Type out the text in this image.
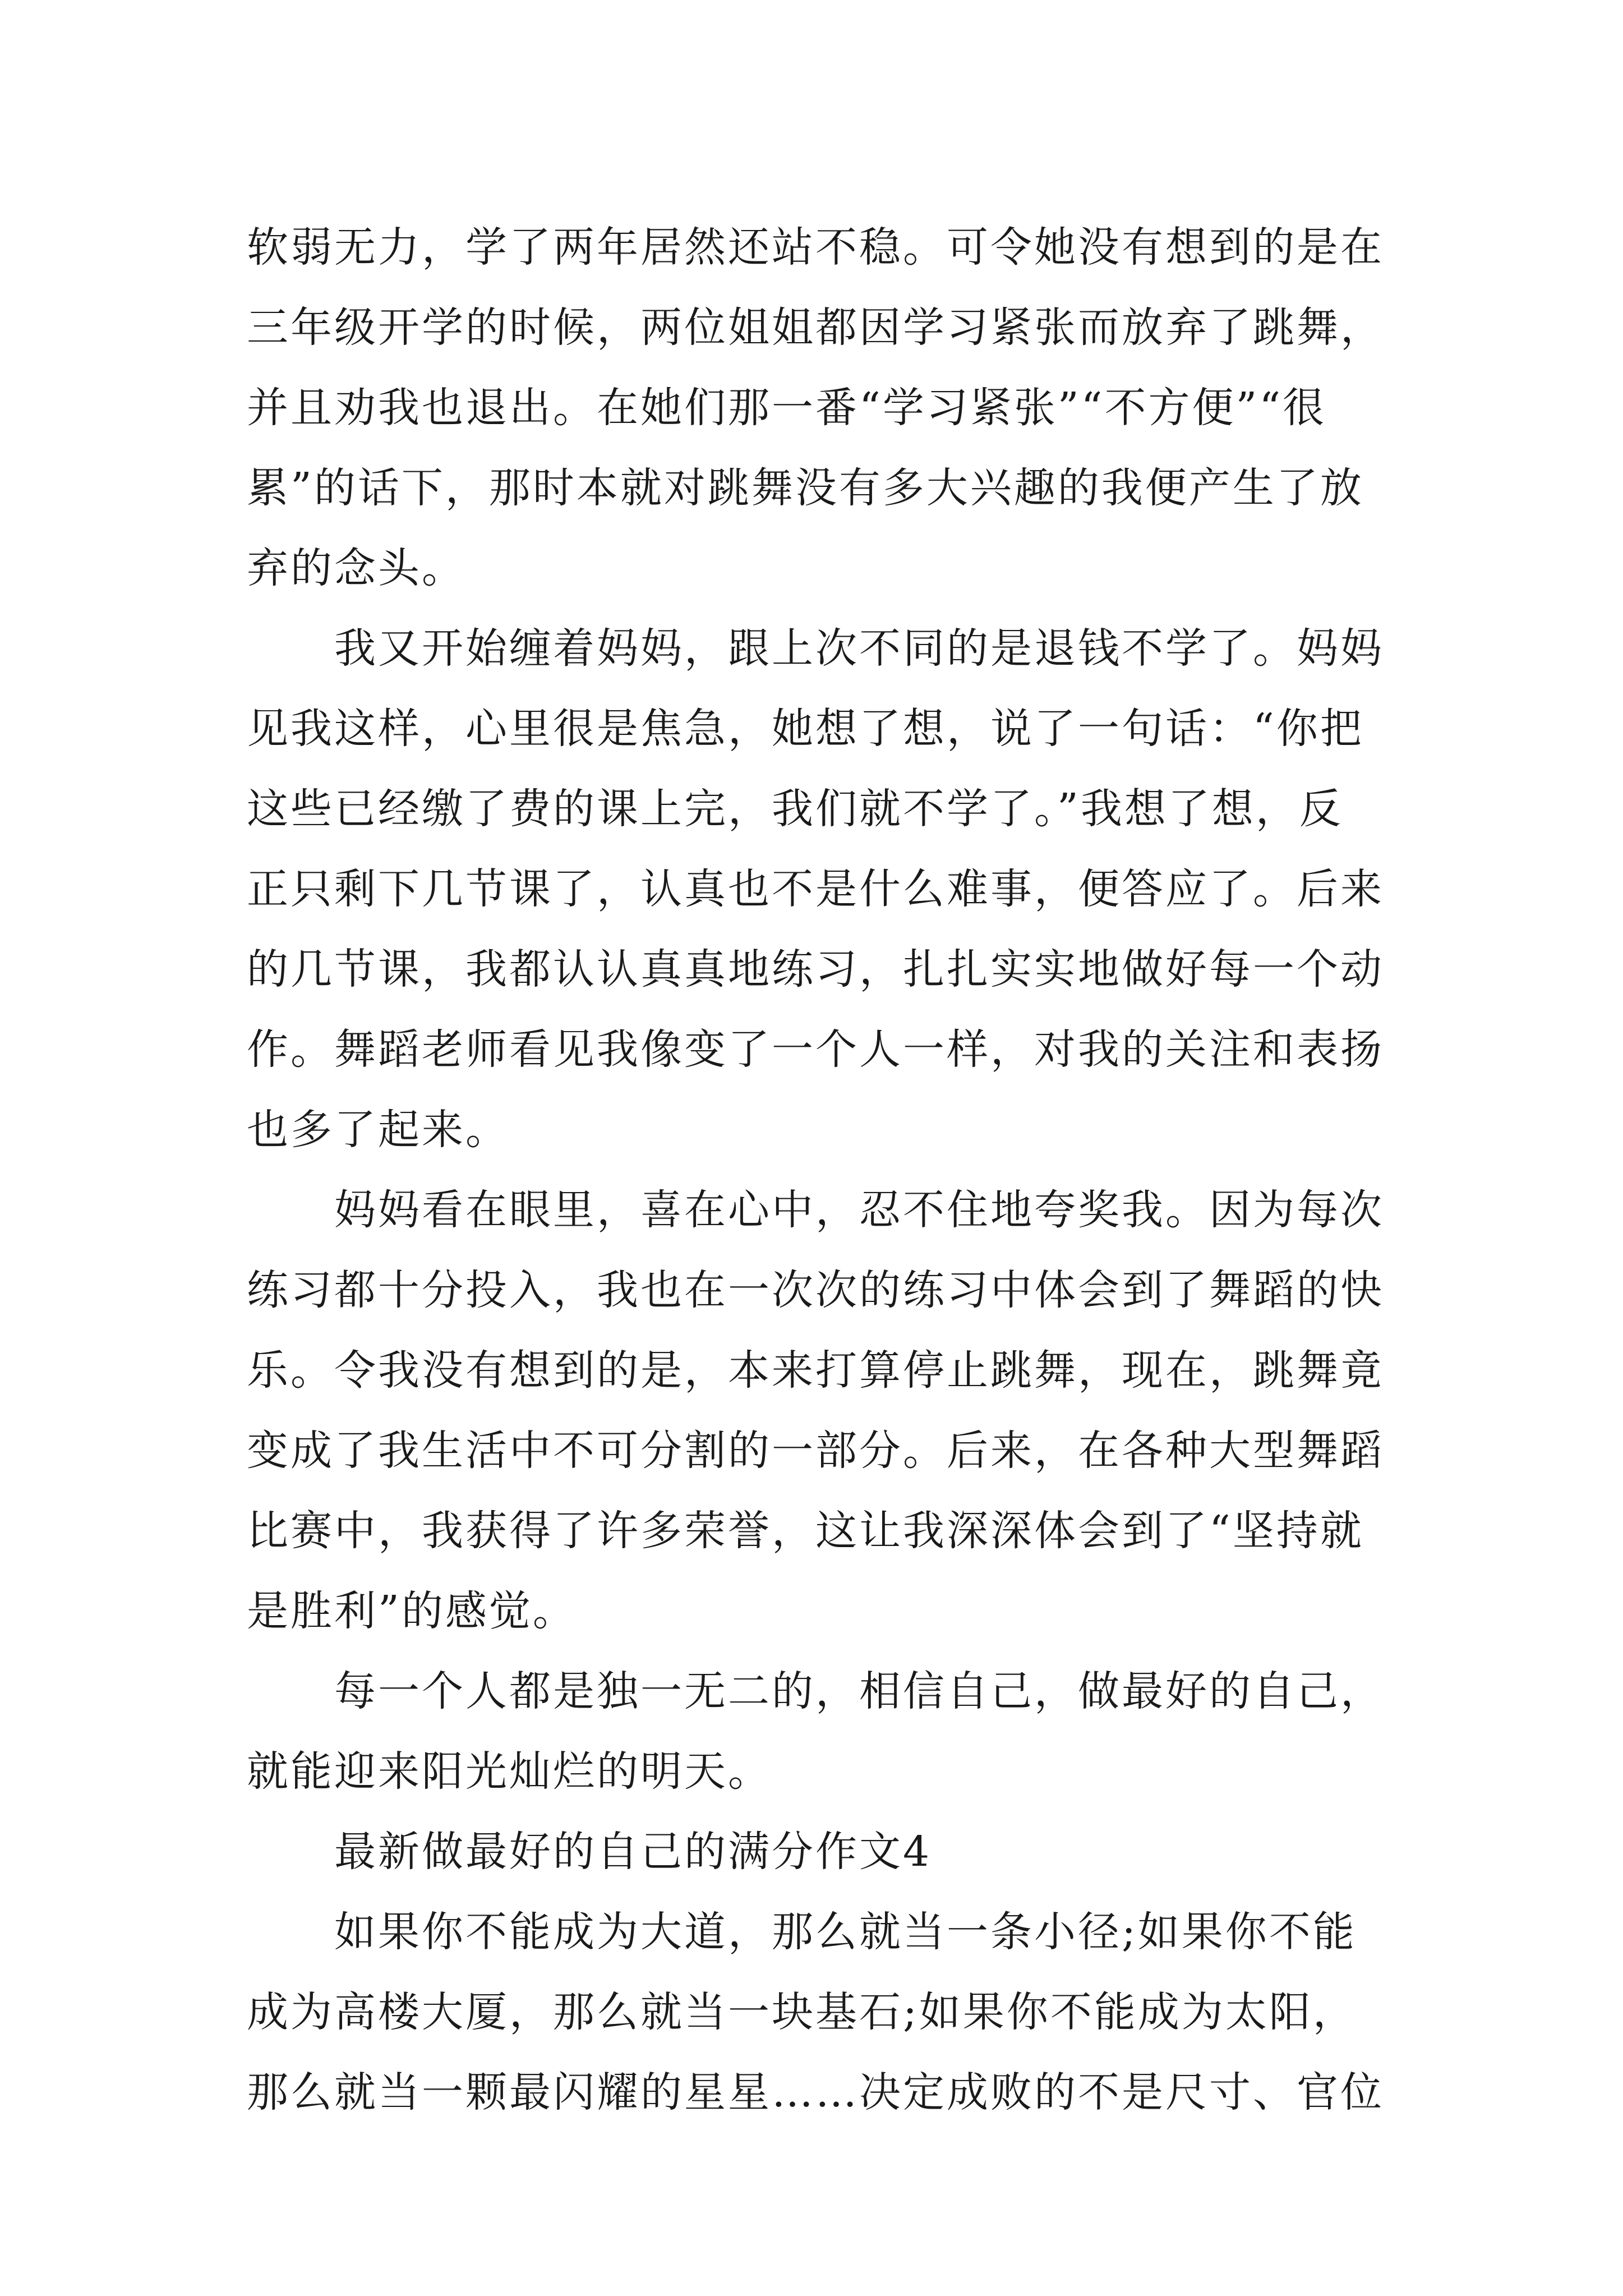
软弱无力，学了两年居然还站不稳。可令她没有想到的是在
三年级开学的时候，两位姐姐都因学习紧张而放弃了跳舞，
并且劝我也退出。在她们那一番“学习紧张”“不方便”“很
累”的话下，那时本就对跳舞没有多大兴趣的我便产生了放
弃的念头。
　　我又开始缠着妈妈，跟上次不同的是退钱不学了。妈妈
见我这样，心里很是焦急，她想了想，说了一句话：“你把
这些已经缴了费的课上完，我们就不学了。”我想了想，反
正只剩下几节课了，认真也不是什么难事，便答应了。后来
的几节课，我都认认真真地练习，扎扎实实地做好每一个动
作。舞蹈老师看见我像变了一个人一样，对我的关注和表扬
也多了起来。
　　妈妈看在眼里，喜在心中，忍不住地夸奖我。因为每次
练习都十分投入，我也在一次次的练习中体会到了舞蹈的快
乐。令我没有想到的是，本来打算停止跳舞，现在，跳舞竟
变成了我生活中不可分割的一部分。后来，在各种大型舞蹈
比赛中，我获得了许多荣誉，这让我深深体会到了“坚持就
是胜利”的感觉。
　　每一个人都是独一无二的，相信自己，做最好的自己，
就能迎来阳光灿烂的明天。
　　最新做最好的自己的满分作文4
　　如果你不能成为大道，那么就当一条小径;如果你不能
成为高楼大厦，那么就当一块基石;如果你不能成为太阳，
那么就当一颗最闪耀的星星……决定成败的不是尺寸、官位
